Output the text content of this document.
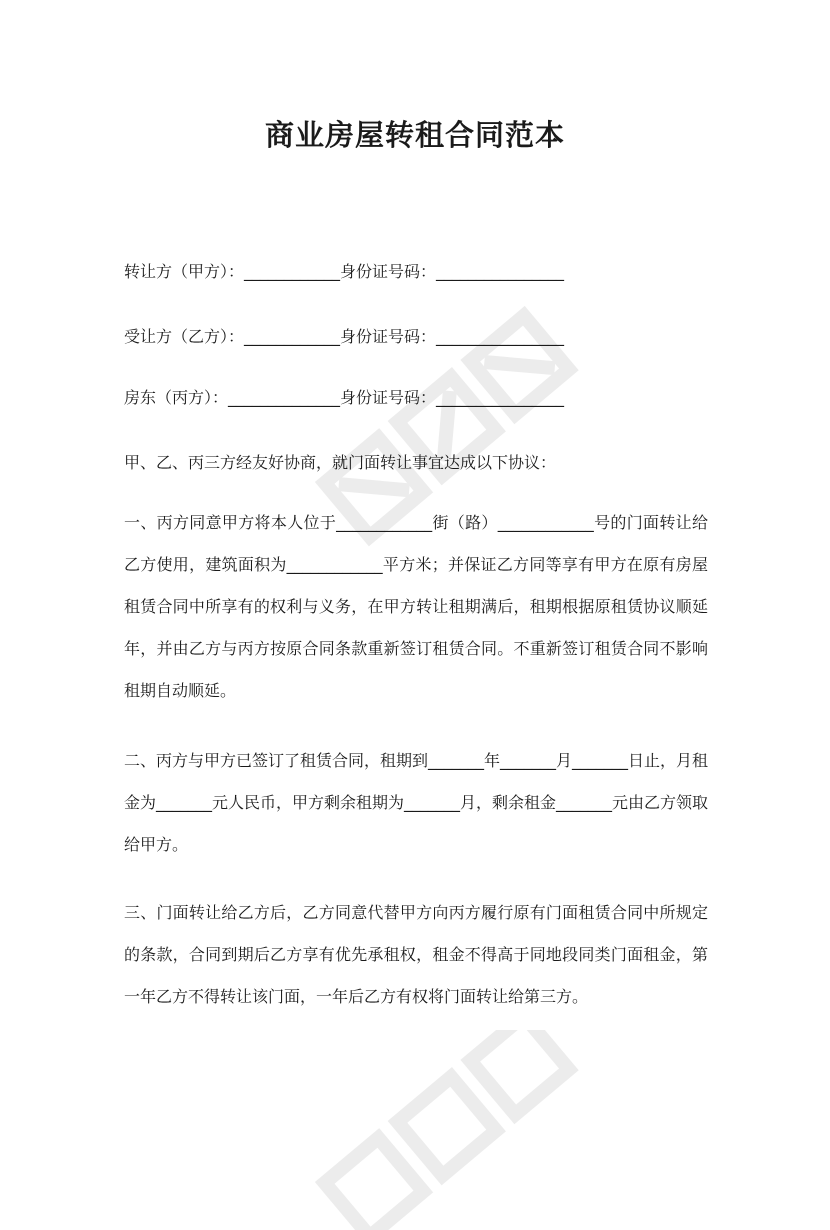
商业房屋转租合同范本
转让方（甲方）：____________身份证号码：________________
受让方（乙方）：____________身份证号码：________________
房东（丙方）：______________身份证号码：________________
甲、乙、丙三方经友好协商，就门面转让事宜达成以下协议：

一、丙方同意甲方将本人位于____________街（路）____________号的门面转让给乙方使用，建筑面积为____________平方米；并保证乙方同等享有甲方在原有房屋租赁合同中所享有的权利与义务，在甲方转让租期满后，租期根据原租赁协议顺延年，并由乙方与丙方按原合同条款重新签订租赁合同。不重新签订租赁合同不影响租期自动顺延。

二、丙方与甲方已签订了租赁合同，租期到_______年_______月_______日止，月租金为_______元人民币，甲方剩余租期为_______月，剩余租金_______元由乙方领取给甲方。

三、门面转让给乙方后，乙方同意代替甲方向丙方履行原有门面租赁合同中所规定的条款，合同到期后乙方享有优先承租权，租金不得高于同地段同类门面租金，第一年乙方不得转让该门面，一年后乙方有权将门面转让给第三方。
